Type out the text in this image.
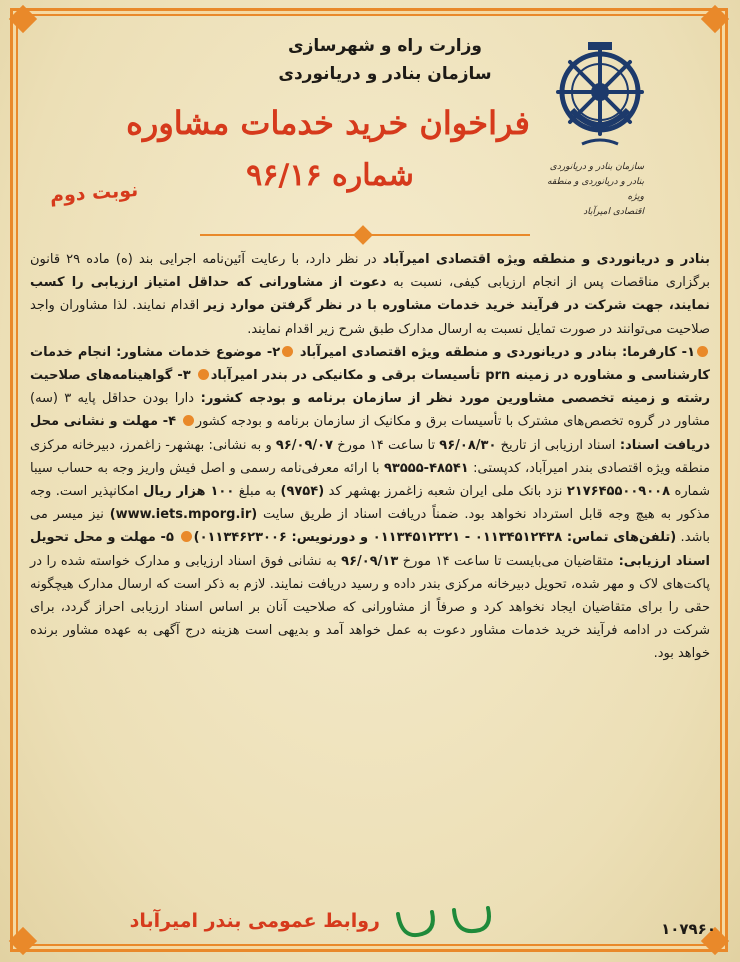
وزارت راه و شهرسازی
سازمان بنادر و دریانوردی
سازمان بنادر و دریانوردی
بنادر و دریانوردی و منطقه ویژه
اقتصادی امیرآباد
فراخوان خرید خدمات مشاوره
شماره ۹۶/۱۶
نوبت دوم

بنادر و دریانوردی و منطقه ویژه اقتصادی امیرآباد در نظر دارد، با رعایت آئین‌نامه اجرایی بند (ه) ماده ۲۹ قانون برگزاری مناقصات پس از انجام ارزیابی کیفی، نسبت به دعوت از مشاورانی که حداقل امتیاز ارزیابی را کسب نمایند، جهت شرکت در فرآیند خرید خدمات مشاوره با در نظر گرفتن موارد زیر اقدام نمایند. لذا مشاوران واجد صلاحیت می‌توانند در صورت تمایل نسبت به ارسال مدارک طبق شرح زیر اقدام نمایند.

۱- کارفرما: بنادر و دریانوردی و منطقه ویژه اقتصادی امیرآباد ۲- موضوع خدمات مشاور: انجام خدمات کارشناسی و مشاوره در زمینه prn تأسیسات برقی و مکانیکی در بندر امیرآباد ۳- گواهینامه‌های صلاحیت رشته و زمینه تخصصی مشاورین مورد نظر از سازمان برنامه و بودجه کشور: دارا بودن حداقل پایه ۳ (سه) مشاور در گروه تخصص‌های مشترک با تأسیسات برق و مکانیک از سازمان برنامه و بودجه کشور ۴- مهلت و نشانی محل دریافت اسناد: اسناد ارزیابی از تاریخ ۹۶/۰۸/۳۰ تا ساعت ۱۴ مورخ ۹۶/۰۹/۰۷ و به نشانی: بهشهر- زاغمرز، دبیرخانه مرکزی منطقه ویژه اقتصادی بندر امیرآباد، کدپستی: ۴۸۵۴۱-۹۳۵۵۵ با ارائه معرفی‌نامه رسمی و اصل فیش واریز وجه به حساب سیبا شماره ۲۱۷۶۴۵۵۰۰۹۰۰۸ نزد بانک ملی ایران شعبه زاغمرز بهشهر کد (۹۷۵۴) به مبلغ ۱۰۰ هزار ریال امکانپذیر است. وجه مذکور به هیچ وجه قابل استرداد نخواهد بود. ضمناً دریافت اسناد از طریق سایت (www.iets.mporg.ir) نیز میسر می باشد. (تلفن‌های تماس: ۰۱۱۳۴۵۱۲۴۳۸ - ۰۱۱۳۴۵۱۲۳۲۱ و دورنویس: ۰۱۱۳۴۶۲۳۰۰۶) ۵- مهلت و محل تحویل اسناد ارزیابی: متقاضیان می‌بایست تا ساعت ۱۴ مورخ ۹۶/۰۹/۱۳ به نشانی فوق اسناد ارزیابی و مدارک خواسته شده را در پاکت‌های لاک و مهر شده، تحویل دبیرخانه مرکزی بندر داده و رسید دریافت نمایند. لازم به ذکر است که ارسال مدارک هیچگونه حقی را برای متقاضیان ایجاد نخواهد کرد و صرفاً از مشاورانی که صلاحیت آنان بر اساس اسناد ارزیابی احراز گردد، برای شرکت در ادامه فرآیند خرید خدمات مشاور دعوت به عمل خواهد آمد و بدیهی است هزینه درج آگهی به عهده مشاور برنده خواهد بود.

روابط عمومی بندر امیرآباد	۱۰۷۹۶۰
